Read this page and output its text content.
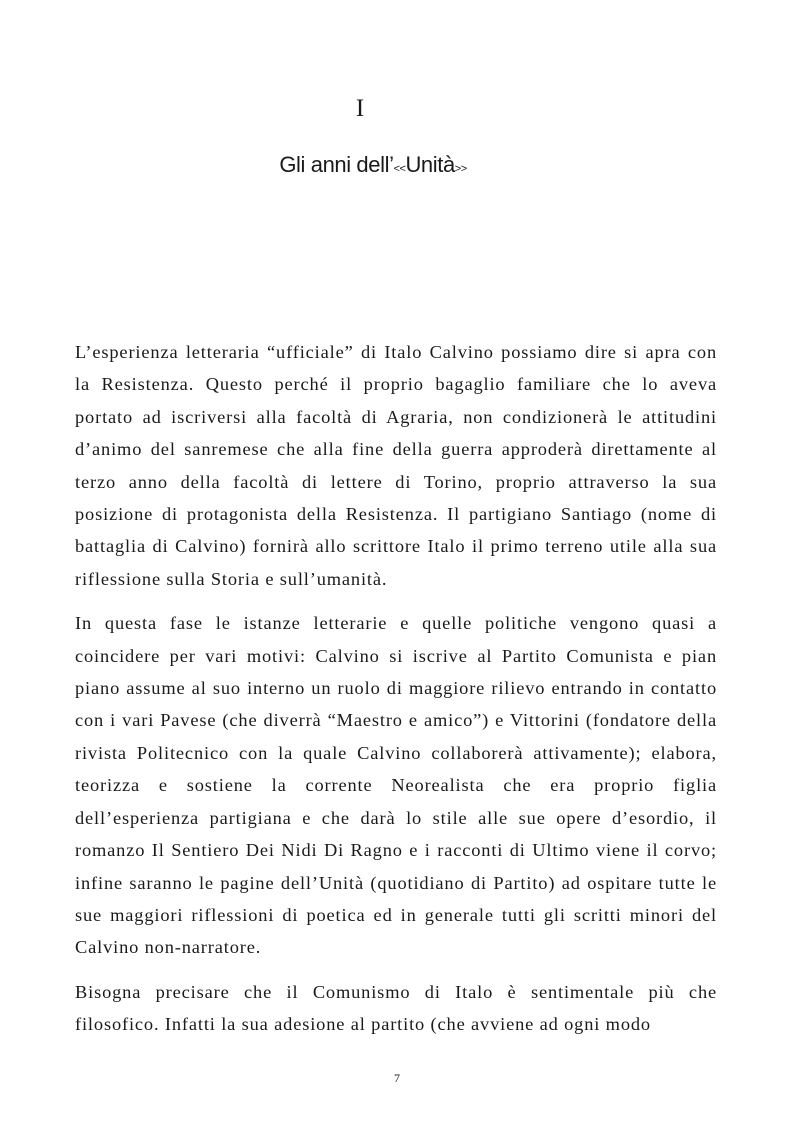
I
Gli anni dell’<<Unità>>

L’esperienza letteraria “ufficiale” di Italo Calvino possiamo dire si apra con la Resistenza. Questo perché il proprio bagaglio familiare che lo aveva portato ad iscriversi alla facoltà di Agraria, non condizionerà le attitudini d’animo del sanremese che alla fine della guerra approderà direttamente al terzo anno della facoltà di lettere di Torino, proprio attraverso la sua posizione di protagonista della Resistenza. Il partigiano Santiago (nome di battaglia di Calvino) fornirà allo scrittore Italo il primo terreno utile alla sua riflessione sulla Storia e sull’umanità.

In questa fase le istanze letterarie e quelle politiche vengono quasi a coincidere per vari motivi: Calvino si iscrive al Partito Comunista e pian piano assume al suo interno un ruolo di maggiore rilievo entrando in contatto con i vari Pavese (che diverrà “Maestro e amico”) e Vittorini (fondatore della rivista Politecnico con la quale Calvino collaborerà attivamente); elabora, teorizza e sostiene la corrente Neorealista che era proprio figlia dell’esperienza partigiana e che darà lo stile alle sue opere d’esordio, il romanzo Il Sentiero Dei Nidi Di Ragno e i racconti di Ultimo viene il corvo; infine saranno le pagine dell’Unità (quotidiano di Partito) ad ospitare tutte le sue maggiori riflessioni di poetica ed in generale tutti gli scritti minori del Calvino non-narratore.

Bisogna precisare che il Comunismo di Italo è sentimentale più che filosofico. Infatti la sua adesione al partito (che avviene ad ogni modo

7
